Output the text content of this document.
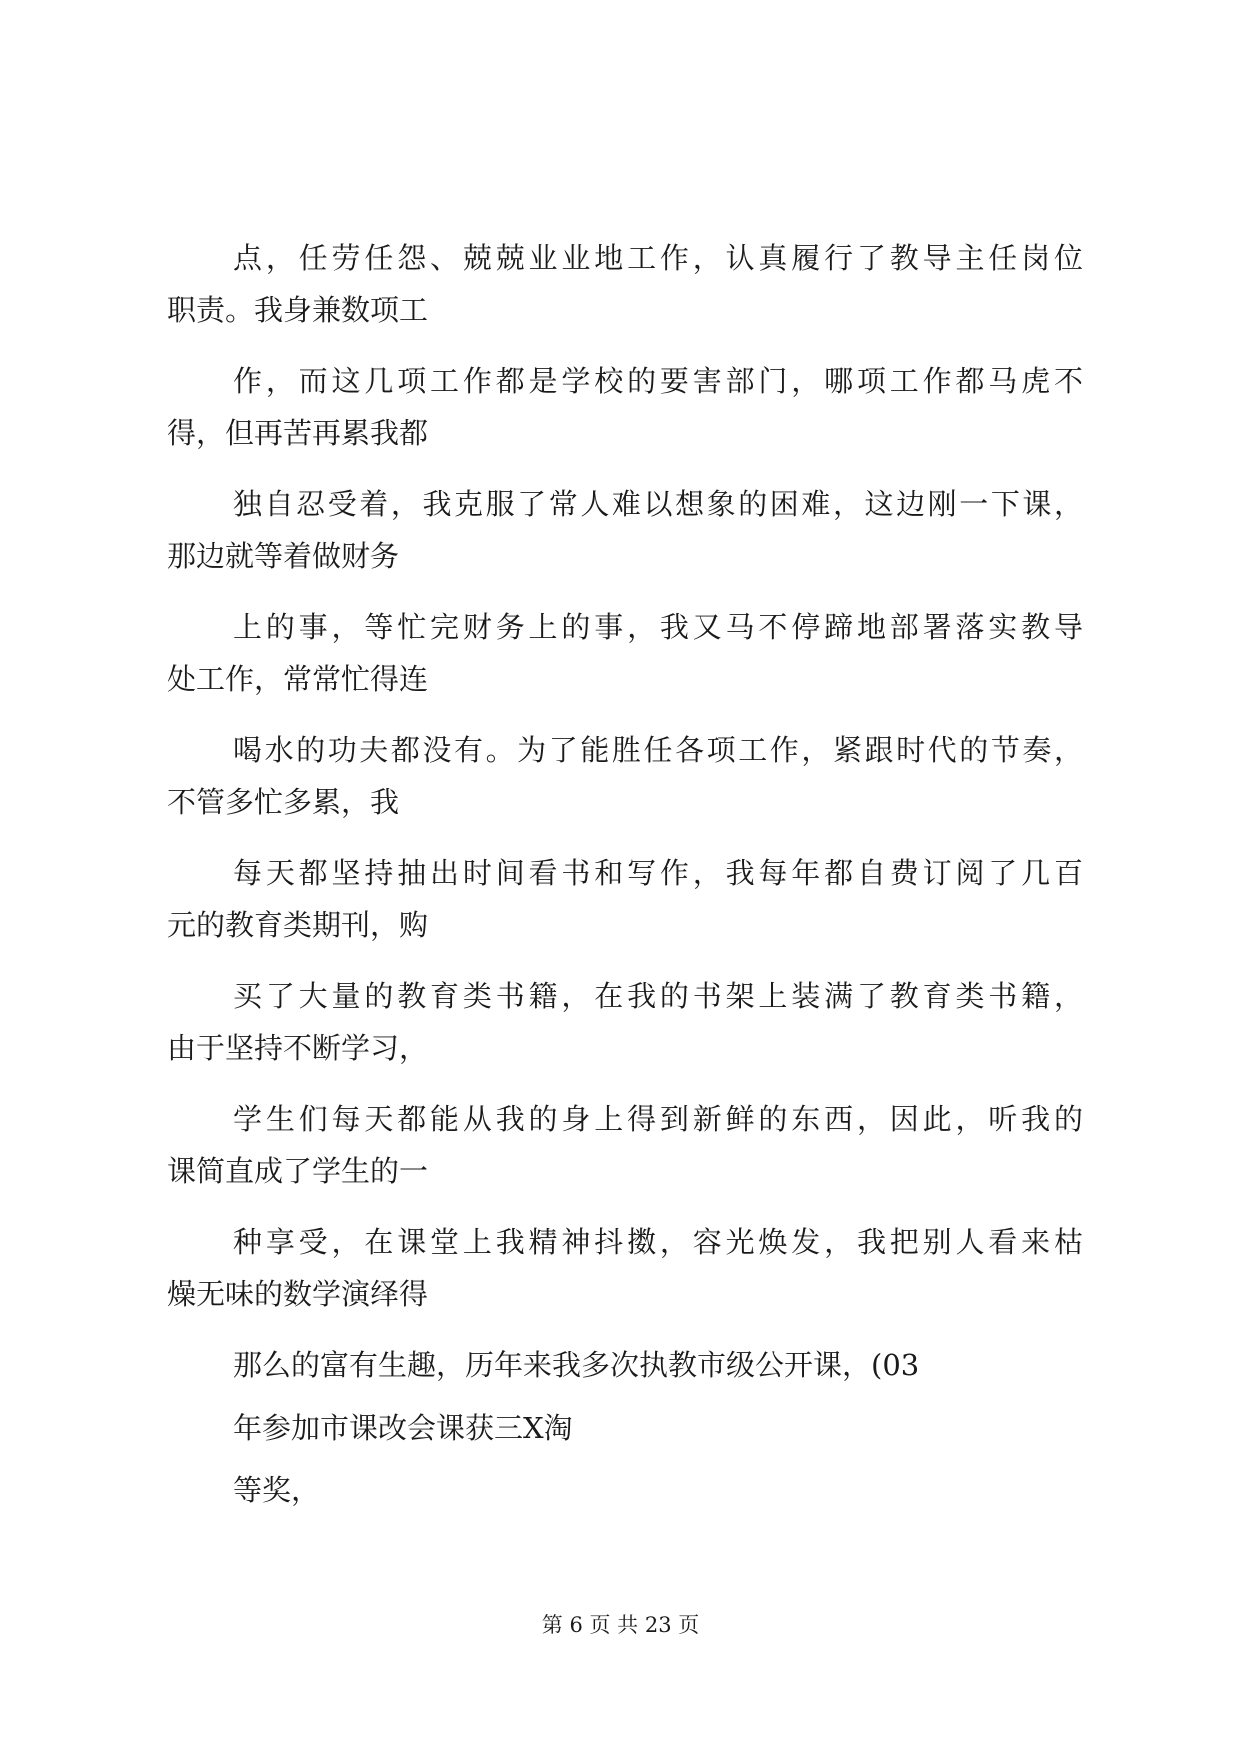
点，任劳任怨、兢兢业业地工作，认真履行了教导主任岗位

职责。我身兼数项工

作，而这几项工作都是学校的要害部门，哪项工作都马虎不

得，但再苦再累我都

独自忍受着，我克服了常人难以想象的困难，这边刚一下课，

那边就等着做财务

上的事，等忙完财务上的事，我又马不停蹄地部署落实教导

处工作，常常忙得连

喝水的功夫都没有。为了能胜任各项工作，紧跟时代的节奏，

不管多忙多累，我

每天都坚持抽出时间看书和写作，我每年都自费订阅了几百

元的教育类期刊，购

买了大量的教育类书籍，在我的书架上装满了教育类书籍，

由于坚持不断学习，

学生们每天都能从我的身上得到新鲜的东西，因此，听我的

课简直成了学生的一

种享受，在课堂上我精神抖擞，容光焕发，我把别人看来枯

燥无味的数学演绎得

那么的富有生趣，历年来我多次执教市级公开课，(03

年参加市课改会课获三X淘

等奖，

第 6 页 共 23 页
